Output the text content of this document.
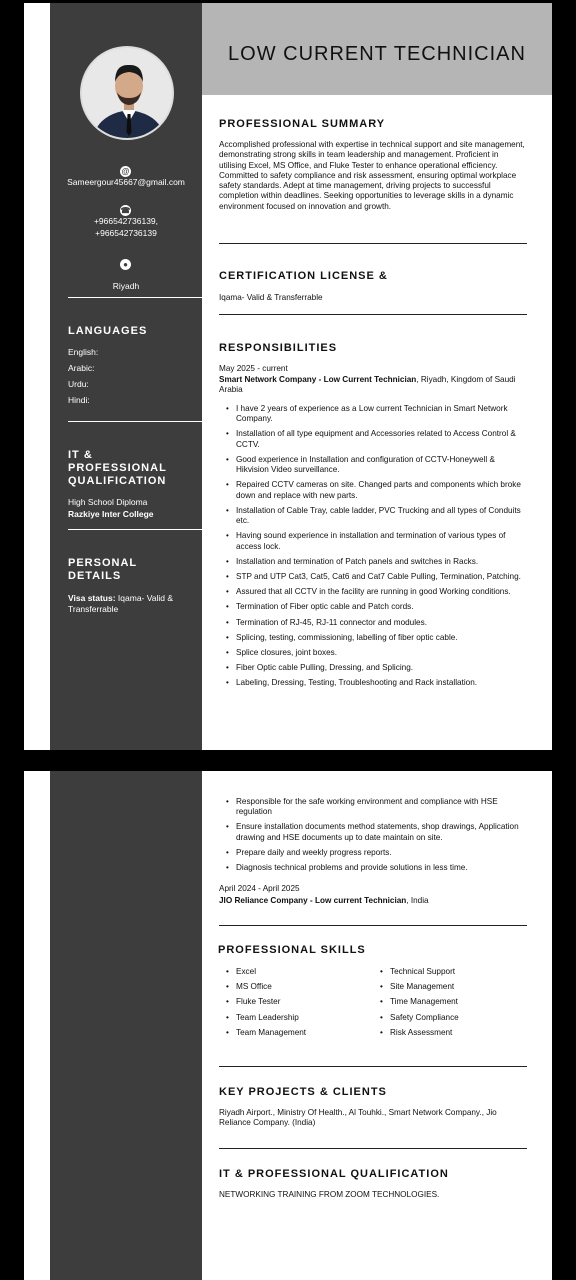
LOW CURRENT TECHNICIAN
@
Sameergour45667@gmail.com
☎
+966542736139,
+966542736139
●
Riyadh
LANGUAGES
English:
Arabic:
Urdu:
Hindi:
IT &
PROFESSIONAL
QUALIFICATION
High School Diploma
Razkiye Inter College
PERSONAL
DETAILS
Visa status: Iqama- Valid &
Transferrable
PROFESSIONAL SUMMARY
Accomplished professional with expertise in technical support and site management, demonstrating strong skills in team leadership and management. Proficient in utilising Excel, MS Office, and Fluke Tester to enhance operational efficiency. Committed to safety compliance and risk assessment, ensuring optimal workplace safety standards. Adept at time management, driving projects to successful completion within deadlines. Seeking opportunities to leverage skills in a dynamic environment focused on innovation and growth.
CERTIFICATION LICENSE &
Iqama- Valid & Transferrable
RESPONSIBILITIES
May 2025 - current
Smart Network Company - Low Current Technician, Riyadh, Kingdom of Saudi Arabia
• I have 2 years of experience as a Low current Technician in Smart Network Company.
• Installation of all type equipment and Accessories related to Access Control & CCTV.
• Good experience in Installation and configuration of CCTV-Honeywell & Hikvision Video surveillance.
• Repaired CCTV cameras on site. Changed parts and components which broke down and replace with new parts.
• Installation of Cable Tray, cable ladder, PVC Trucking and all types of Conduits etc.
• Having sound experience in installation and termination of various types of access lock.
• Installation and termination of Patch panels and switches in Racks.
• STP and UTP Cat3, Cat5, Cat6 and Cat7 Cable Pulling, Termination, Patching.
• Assured that all CCTV in the facility are running in good Working conditions.
• Termination of Fiber optic cable and Patch cords.
• Termination of RJ-45, RJ-11 connector and modules.
• Splicing, testing, commissioning, labelling of fiber optic cable.
• Splice closures, joint boxes.
• Fiber Optic cable Pulling, Dressing, and Splicing.
• Labeling, Dressing, Testing, Troubleshooting and Rack installation.
• Responsible for the safe working environment and compliance with HSE regulation
• Ensure installation documents method statements, shop drawings, Application drawing and HSE documents up to date maintain on site.
• Prepare daily and weekly progress reports.
• Diagnosis technical problems and provide solutions in less time.
April 2024 - April 2025
JIO Reliance Company - Low current Technician, India
PROFESSIONAL SKILLS
• Excel
• MS Office
• Fluke Tester
• Team Leadership
• Team Management
• Technical Support
• Site Management
• Time Management
• Safety Compliance
• Risk Assessment
KEY PROJECTS & CLIENTS
Riyadh Airport., Ministry Of Health., Al Touhki., Smart Network Company., Jio Reliance Company. (India)
IT & PROFESSIONAL QUALIFICATION
NETWORKING TRAINING FROM ZOOM TECHNOLOGIES.
